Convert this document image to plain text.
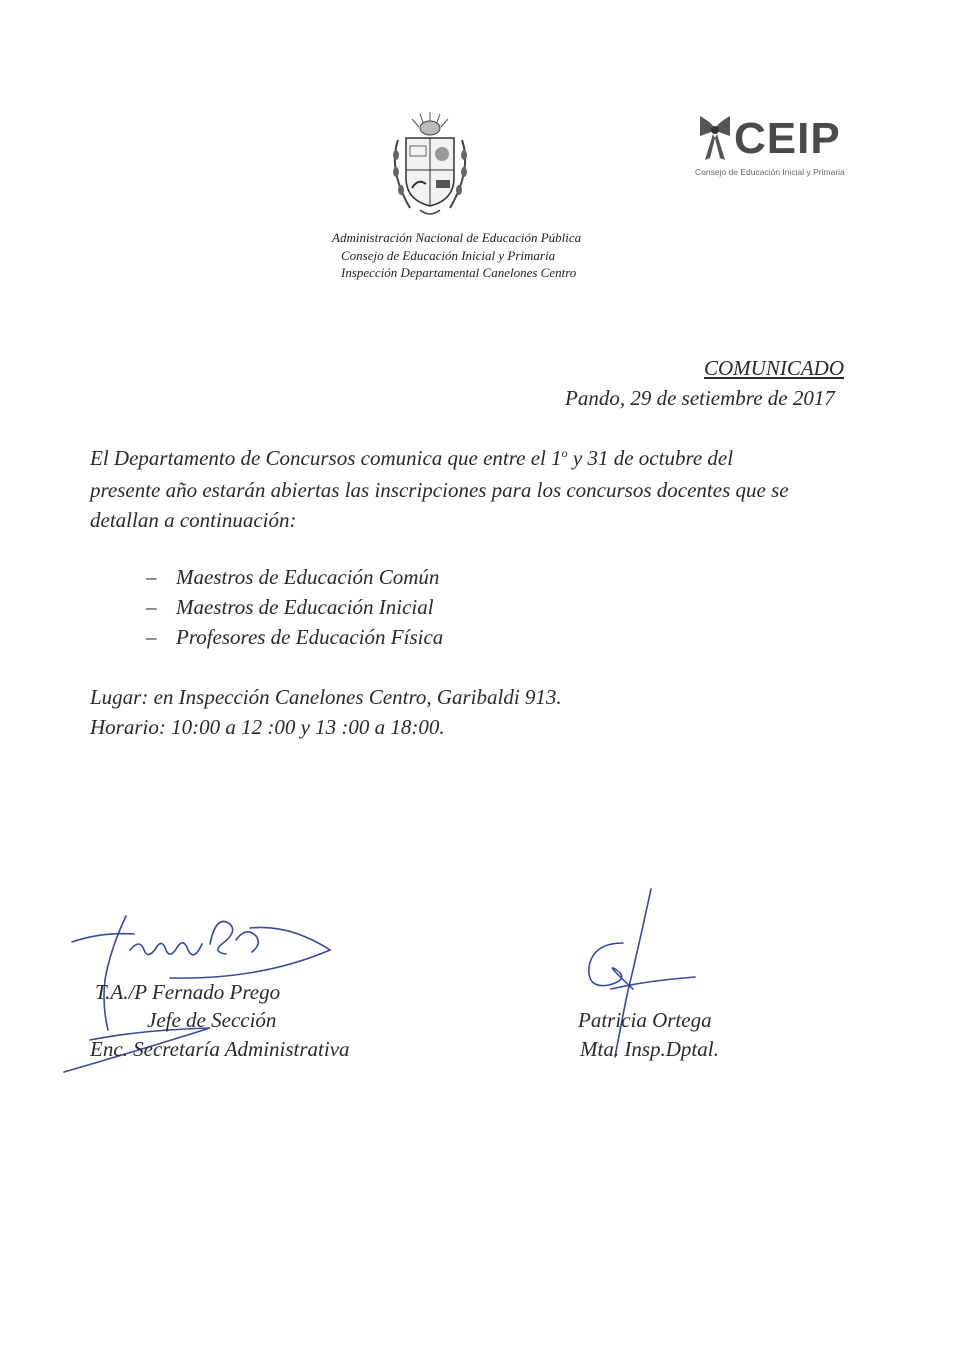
CEIP
Consejo de Educación Inicial y Primaria
Administración Nacional de Educación Pública
Consejo de Educación Inicial y Primaria
Inspección Departamental Canelones Centro
COMUNICADO
Pando, 29 de setiembre de 2017
El Departamento de Concursos comunica que entre el 1$^o$ y 31 de octubre del
presente año estarán abiertas las inscripciones para los concursos docentes que se
detallan a continuación:
– Maestros de Educación Común
– Maestros de Educación Inicial
– Profesores de Educación Física
Lugar: en Inspección Canelones Centro, Garibaldi 913.
Horario: 10:00 a 12 :00 y 13 :00 a 18:00.
T.A./P Fernado Prego
Jefe de Sección
Enc. Secretaría Administrativa
Patricia Ortega
Mta. Insp.Dptal.
